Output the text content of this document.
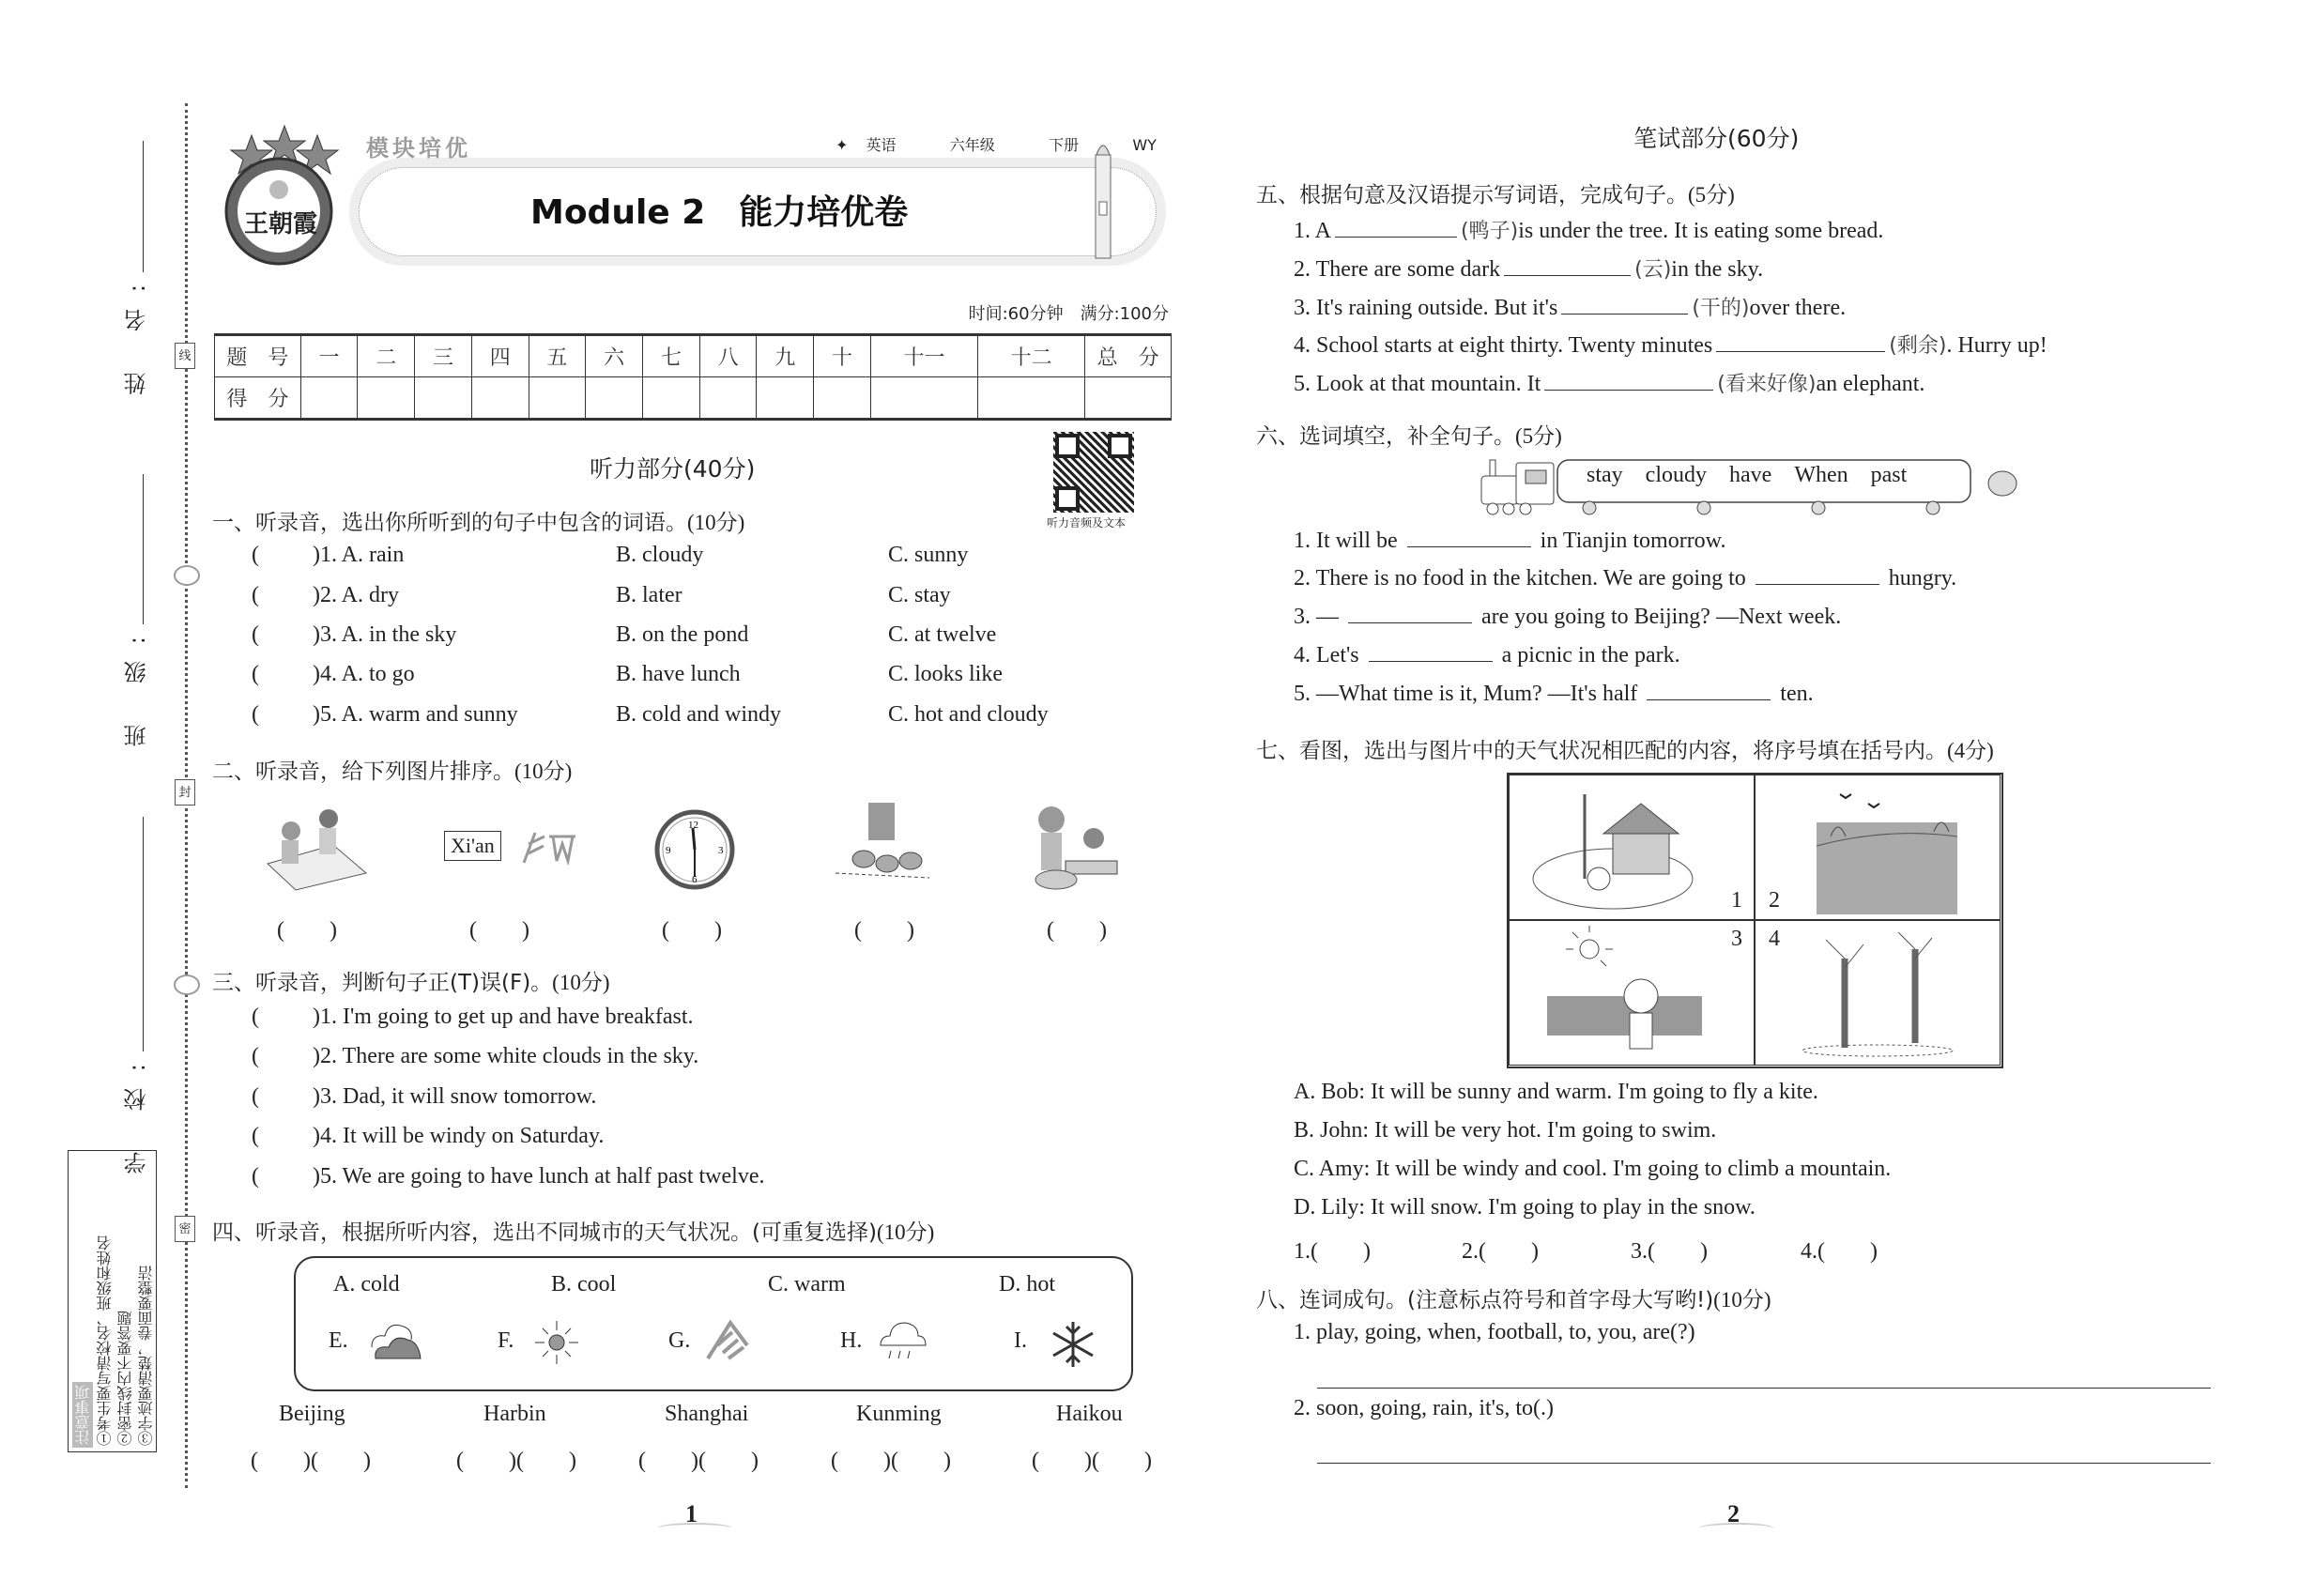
线
封
密
姓 名:
班 级:
学 校:
注意事项 ①考生要写清校名、班级和姓名 ②密封线内不要答题 ③字迹要清楚，卷面要整洁
王朝霞
模块培优	✦ 英语	六年级	下册	WY
Module 2　能力培优卷
时间:60分钟　满分:100分
题　号	一	二	三	四	五	六	七	八	九	十	十一	十二	总　分
得　分													
听力部分(40分)
听力音频及文本
一、听录音，选出你所听到的句子中包含的词语。(10分)
( )1. A. rain	B. cloudy	C. sunny
( )2. A. dry	B. later	C. stay
( )3. A. in the sky	B. on the pond	C. at twelve
( )4. A. to go	B. have lunch	C. looks like
( )5. A. warm and sunny	B. cold and windy	C. hot and cloudy
二、听录音，给下列图片排序。(10分)
Xi'an
12
3
6
9
(　　)	(　　)	(　　)	(　　)	(　　)
三、听录音，判断句子正(T)误(F)。(10分)
( )1. I'm going to get up and have breakfast.
( )2. There are some white clouds in the sky.
( )3. Dad, it will snow tomorrow.
( )4. It will be windy on Saturday.
( )5. We are going to have lunch at half past twelve.
四、听录音，根据所听内容，选出不同城市的天气状况。(可重复选择)(10分)
A. cold	B. cool	C. warm	D. hot
E.	F.	G.	H.	I.
Beijing
(　　)(　　)
Harbin
(　　)(　　)
Shanghai
(　　)(　　)
Kunming
(　　)(　　)
Haikou
(　　)(　　)
1
笔试部分(60分)
五、根据句意及汉语提示写词语，完成句子。(5分)
1. A	(鸭子)is under the tree. It is eating some bread.
2. There are some dark	(云)in the sky.
3. It's raining outside. But it's	(干的)over there.
4. School starts at eight thirty. Twenty minutes	(剩余). Hurry up!
5. Look at that mountain. It	(看来好像)an elephant.
六、选词填空，补全句子。(5分)
stay cloudy have When past
1. It will be	in Tianjin tomorrow.
2. There is no food in the kitchen. We are going to	hungry.
3. —	are you going to Beijing? —Next week.
4. Let's	a picnic in the park.
5. —What time is it, Mum? —It's half	ten.
七、看图，选出与图片中的天气状况相匹配的内容，将序号填在括号内。(4分)
1 2
3 4
A. Bob: It will be sunny and warm. I'm going to fly a kite.
B. John: It will be very hot. I'm going to swim.
C. Amy: It will be windy and cool. I'm going to climb a mountain.
D. Lily: It will snow. I'm going to play in the snow.
1.(　　)	2.(　　)	3.(　　)	4.(　　)
八、连词成句。(注意标点符号和首字母大写哟!)(10分)
1. play, going, when, football, to, you, are(?)
2. soon, going, rain, it's, to(.)
2
